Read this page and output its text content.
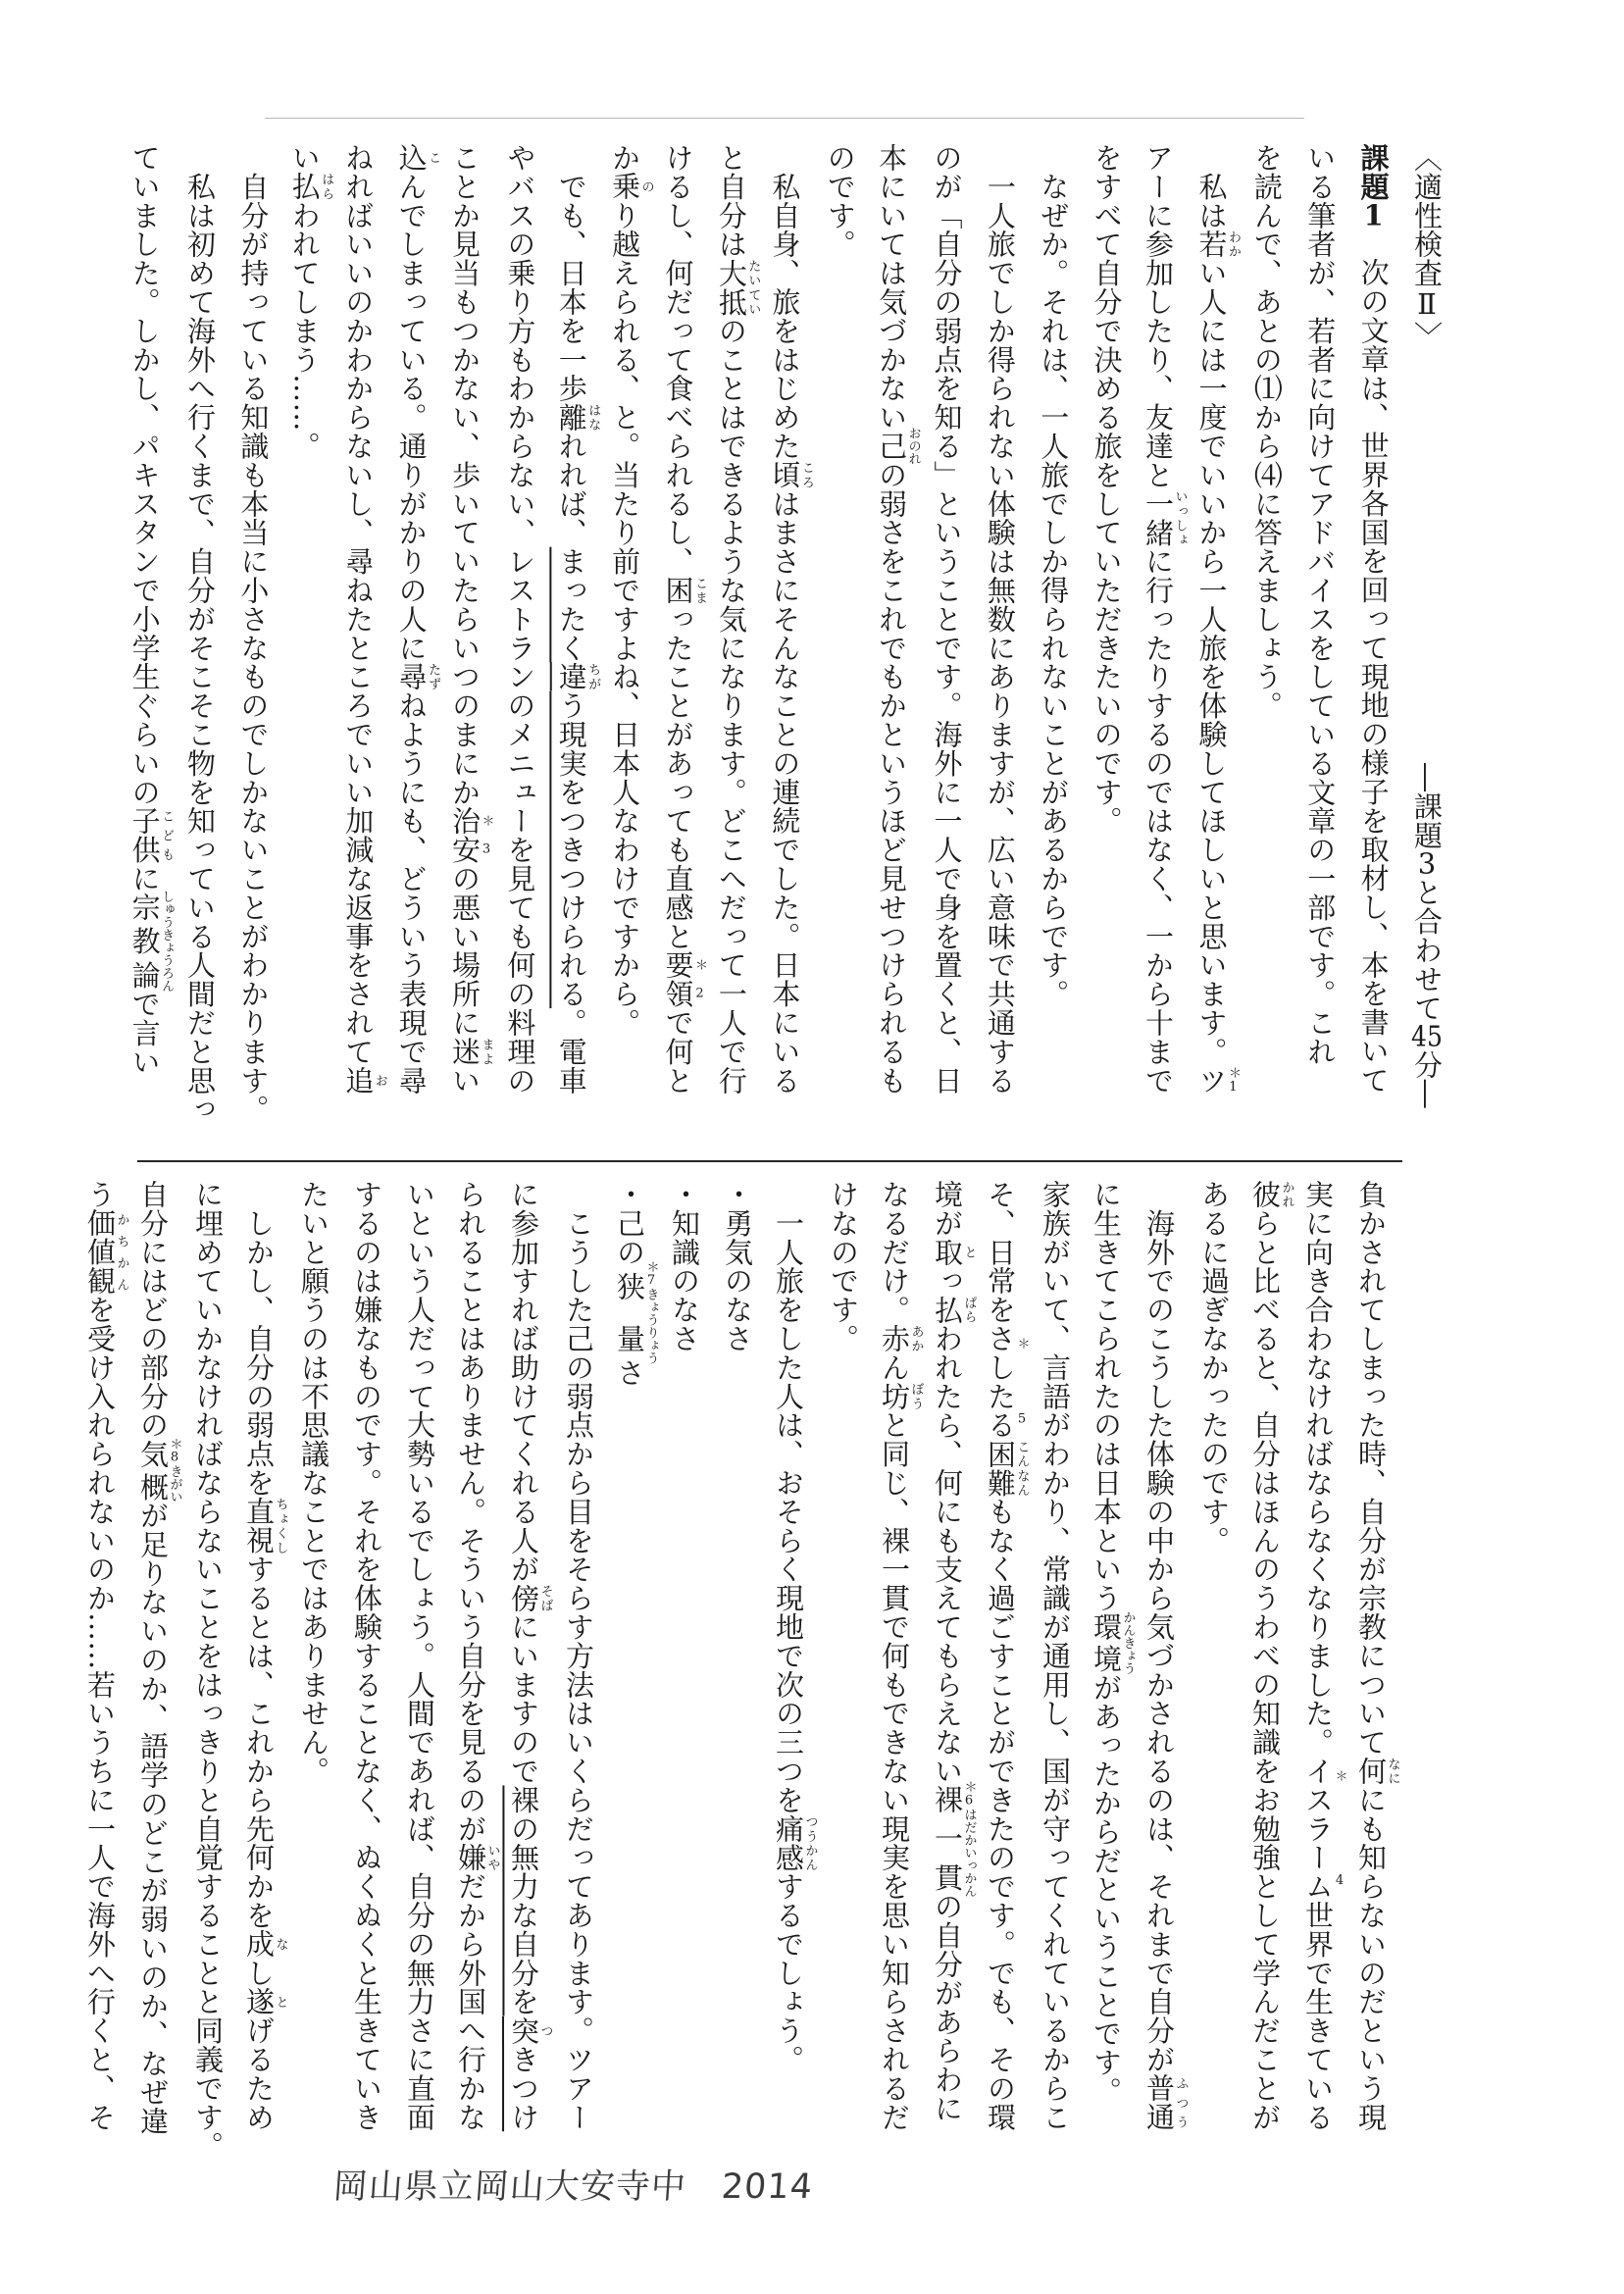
〈適性検査Ⅱ〉
―課題3と合わせて45分―
課題1　次の文章は、世界各国を回って現地の様子を取材し、本を書いて
いる筆者が、若者に向けてアドバイスをしている文章の一部です。これ
を読んで、あとの⑴から⑷に答えましょう。
　私は若わかい人には一度でいいから一人旅を体験してほしいと思います。ツ＊1
アーに参加したり、友達と一緒いっしょに行ったりするのではなく、一から十まで
をすべて自分で決める旅をしていただきたいのです。
　なぜか。それは、一人旅でしか得られないことがあるからです。
　一人旅でしか得られない体験は無数にありますが、広い意味で共通する
のが「自分の弱点を知る」ということです。海外に一人で身を置くと、日
本にいては気づかない己おのれの弱さをこれでもかというほど見せつけられるも
のです。
　私自身、旅をはじめた頃ころはまさにそんなことの連続でした。日本にいる
と自分は大抵たいていのことはできるような気になります。どこへだって一人で行
けるし、何だって食べられるし、困こまったことがあっても直感と要領＊2で何と
か乗のり越えられる、と。当たり前ですよね、日本人なわけですから。
　でも、日本を一歩離はなれれば、まったく違ちがう現実をつきつけられる。電車
やバスの乗り方もわからない、レストランのメニューを見ても何の料理の
ことか見当もつかない、歩いていたらいつのまにか治安＊3の悪い場所に迷まよい
込こんでしまっている。通りがかりの人に尋たずねようにも、どういう表現で尋
ねればいいのかわからないし、尋ねたところでいい加減な返事をされて追お
い払はらわれてしまう……。
　自分が持っている知識も本当に小さなものでしかないことがわかります。
　私は初めて海外へ行くまで、自分がそこそこ物を知っている人間だと思っ
ていました。しかし、パキスタンで小学生ぐらいの子供こどもに宗教論しゅうきょうろんで言い
負かされてしまった時、自分が宗教について何なににも知らないのだという現
実に向き合わなければならなくなりました。イスラーム＊4世界で生きている
彼かれらと比べると、自分はほんのうわべの知識をお勉強として学んだことが
あるに過ぎなかったのです。
　海外でのこうした体験の中から気づかされるのは、それまで自分が普通ふつう
に生きてこられたのは日本という環境かんきょうがあったからだということです。
家族がいて、言語がわかり、常識が通用し、国が守ってくれているからこ
そ、日常をさしたる＊5困難こんなんもなく過ごすことができたのです。でも、その環
境が取とっ払ぱらわれたら、何にも支えてもらえない裸一貫＊6はだかいっかんの自分があらわに
なるだけ。赤あかん坊ぼうと同じ、裸一貫で何もできない現実を思い知らされるだ
けなのです。
　一人旅をした人は、おそらく現地で次の三つを痛感つうかんするでしょう。
・勇気のなさ
・知識のなさ
・己の狭量＊7きょうりょうさ
　こうした己の弱点から目をそらす方法はいくらだってあります。ツアー
に参加すれば助けてくれる人が傍そばにいますので裸の無力な自分を突つきつけ
られることはありません。そういう自分を見るのが嫌いやだから外国へ行かな
いという人だって大勢いるでしょう。人間であれば、自分の無力さに直面
するのは嫌なものです。それを体験することなく、ぬくぬくと生きていき
たいと願うのは不思議なことではありません。
　しかし、自分の弱点を直視ちょくしするとは、これから先何かを成なし遂とげるため
に埋めていかなければならないことをはっきりと自覚することと同義です。
自分にはどの部分の気概＊8きがいが足りないのか、語学のどこが弱いのか、なぜ違
う価値観かちかんを受け入れられないのか……若いうちに一人で海外へ行くと、そ
岡山県立岡山大安寺中　2014
